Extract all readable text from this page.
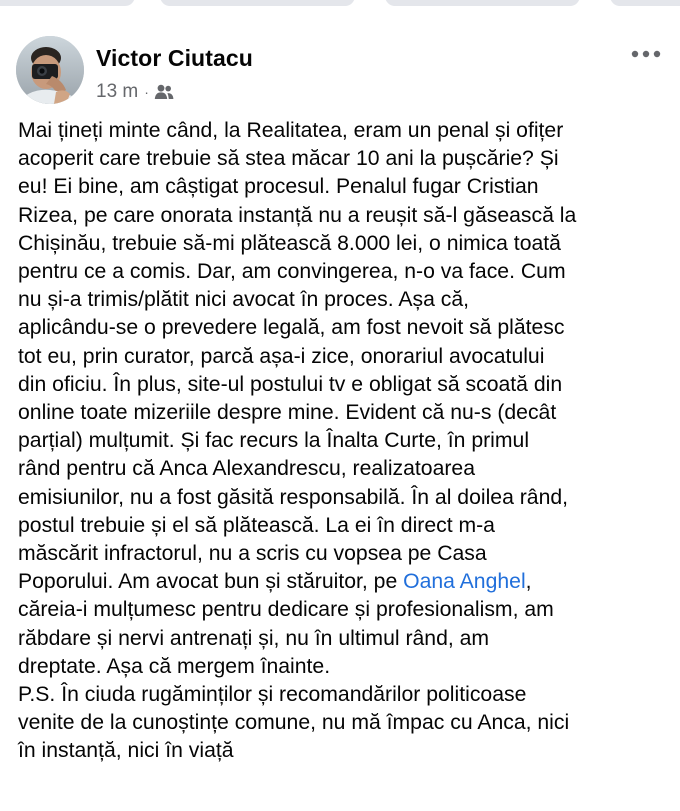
Victor Ciutacu
13 m ·

Mai țineți minte când, la Realitatea, eram un penal și ofițer
acoperit care trebuie să stea măcar 10 ani la pușcărie? Și
eu! Ei bine, am câștigat procesul. Penalul fugar Cristian
Rizea, pe care onorata instanță nu a reușit să-l găsească la
Chișinău, trebuie să-mi plătească 8.000 lei, o nimica toată
pentru ce a comis. Dar, am convingerea, n-o va face. Cum
nu și-a trimis/plătit nici avocat în proces. Așa că,
aplicându-se o prevedere legală, am fost nevoit să plătesc
tot eu, prin curator, parcă așa-i zice, onorariul avocatului
din oficiu. În plus, site-ul postului tv e obligat să scoată din
online toate mizeriile despre mine. Evident că nu-s (decât
parțial) mulțumit. Și fac recurs la Înalta Curte, în primul
rând pentru că Anca Alexandrescu, realizatoarea
emisiunilor, nu a fost găsită responsabilă. În al doilea rând,
postul trebuie și el să plătească. La ei în direct m-a
măscărit infractorul, nu a scris cu vopsea pe Casa
Poporului. Am avocat bun și stăruitor, pe Oana Anghel,
căreia-i mulțumesc pentru dedicare și profesionalism, am
răbdare și nervi antrenați și, nu în ultimul rând, am
dreptate. Așa că mergem înainte.
P.S. În ciuda rugăminților și recomandărilor politicoase
venite de la cunoștințe comune, nu mă împac cu Anca, nici
în instanță, nici în viață
